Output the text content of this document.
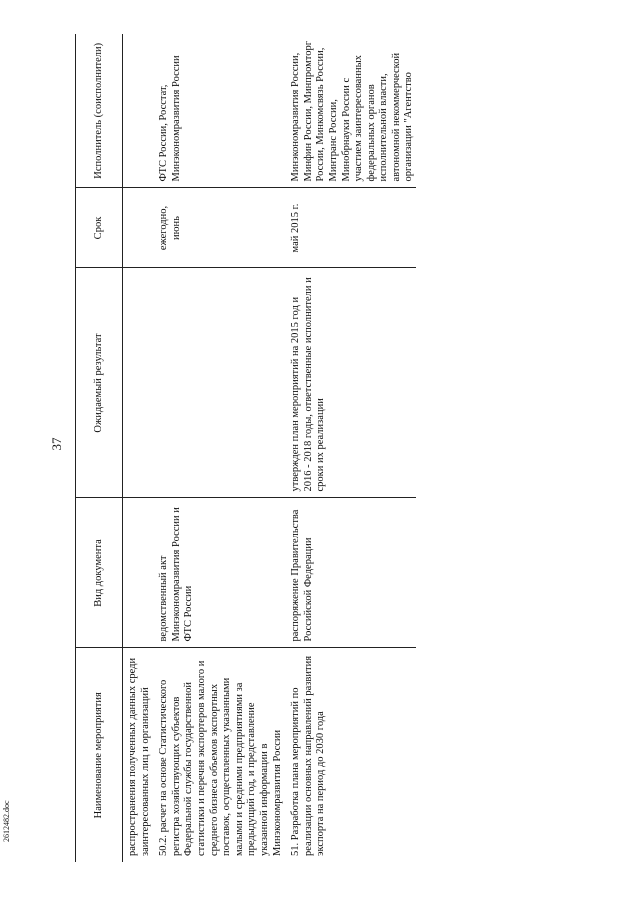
37
Наименование мероприятия	Вид документа	Ожидаемый результат	Срок	Исполнитель (соисполнители)
распространения полученных данных среди заинтересованных лиц и организаций				
50.2. расчет на основе Статистического регистра хозяйствующих субъектов Федеральной службы государственной статистики и перечня экспортеров малого и среднего бизнеса объемов экспортных поставок, осуществленных указанными малыми и средними предприятиями за предыдущий год, и представление указанной информации в Минэкономразвития России	ведомственный акт Минэкономразвития России и ФТС России		ежегодно, июнь	ФТС России, Росстат, Минэкономразвития России
51. Разработка плана мероприятий по реализации основных направлений развития экспорта на период до 2030 года	распоряжение Правительства Российской Федерации	утвержден план мероприятий на 2015 год и 2016 - 2018 годы, ответственные исполнители и сроки их реализации	май 2015 г.	Минэкономразвития России, Минфин России, Минпромторг России, Минкомсвязь России, Минтранс России, Минобрнауки России с участием заинтересованных федеральных органов исполнительной власти, автономной некоммерческой организации "Агентство
2612482.doc
